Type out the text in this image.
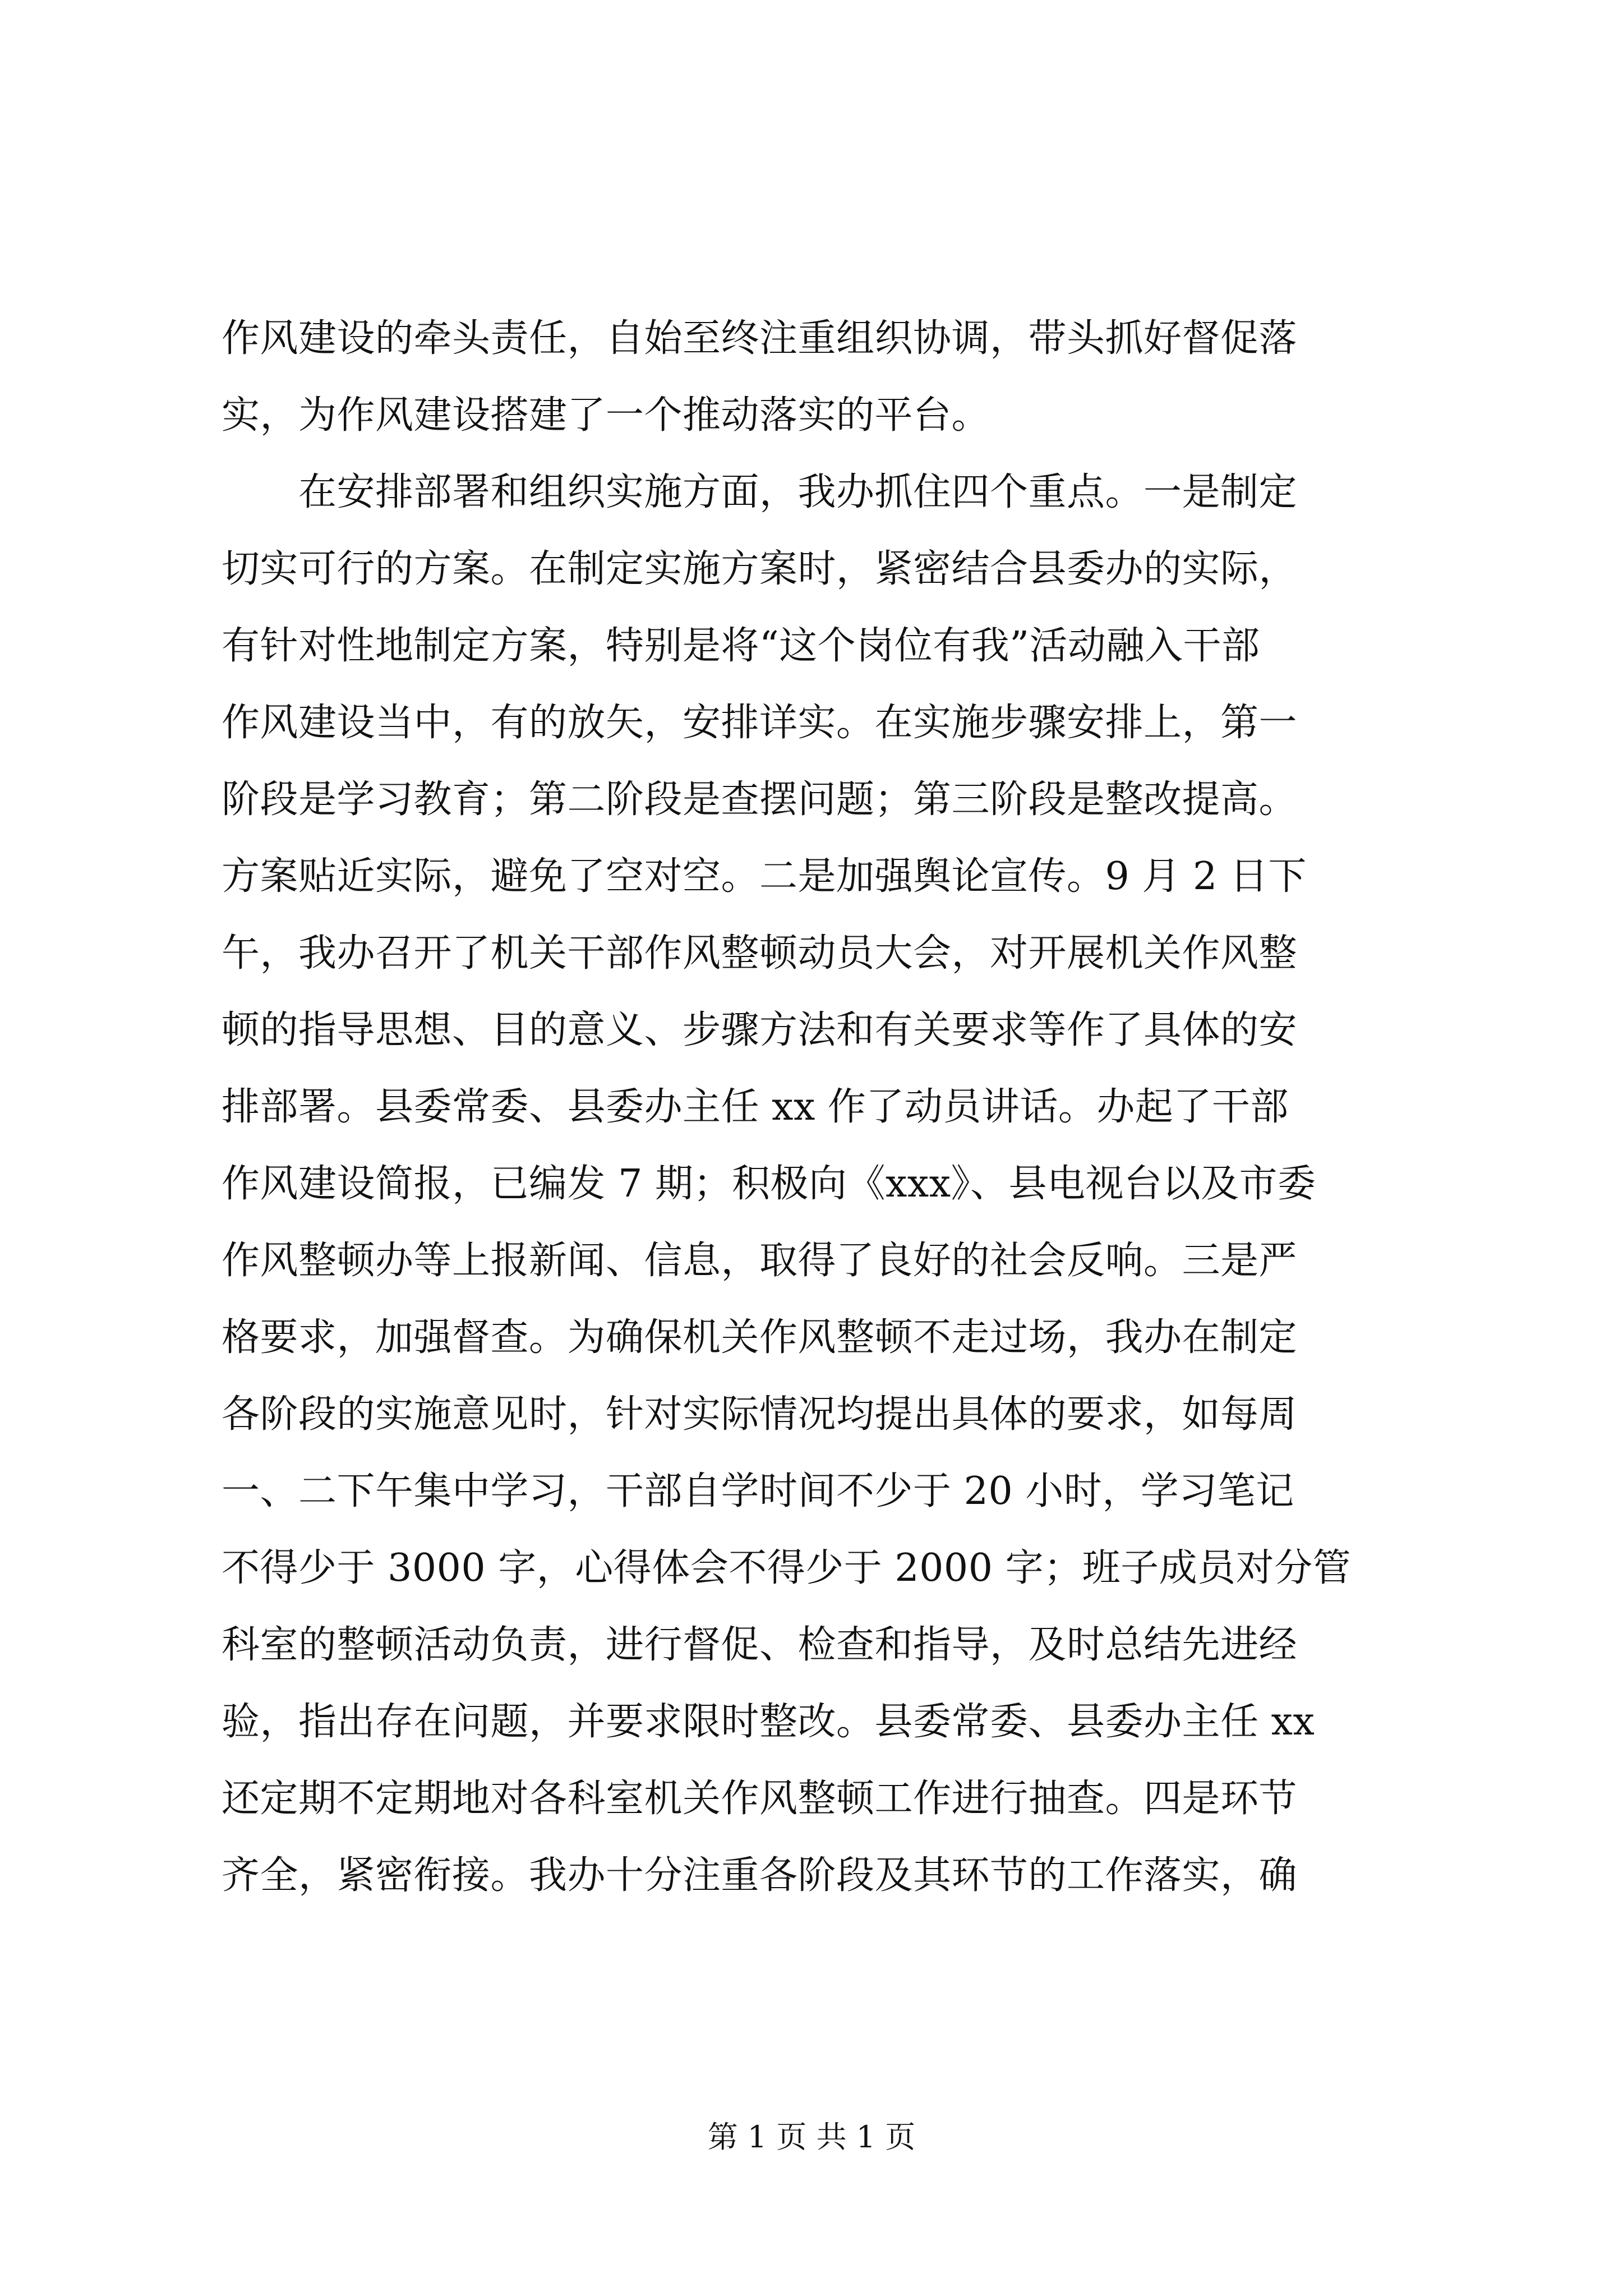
作风建设的牵头责任，自始至终注重组织协调，带头抓好督促落
实，为作风建设搭建了一个推动落实的平台。
在安排部署和组织实施方面，我办抓住四个重点。一是制定
切实可行的方案。在制定实施方案时，紧密结合县委办的实际，
有针对性地制定方案，特别是将“这个岗位有我”活动融入干部
作风建设当中，有的放矢，安排详实。在实施步骤安排上，第一
阶段是学习教育；第二阶段是查摆问题；第三阶段是整改提高。
方案贴近实际，避免了空对空。二是加强舆论宣传。9 月 2 日下
午，我办召开了机关干部作风整顿动员大会，对开展机关作风整
顿的指导思想、目的意义、步骤方法和有关要求等作了具体的安
排部署。县委常委、县委办主任 xx 作了动员讲话。办起了干部
作风建设简报，已编发 7 期；积极向《xxx》、县电视台以及市委
作风整顿办等上报新闻、信息，取得了良好的社会反响。三是严
格要求，加强督查。为确保机关作风整顿不走过场，我办在制定
各阶段的实施意见时，针对实际情况均提出具体的要求，如每周
一、二下午集中学习，干部自学时间不少于 20 小时，学习笔记
不得少于 3000 字，心得体会不得少于 2000 字；班子成员对分管
科室的整顿活动负责，进行督促、检查和指导，及时总结先进经
验，指出存在问题，并要求限时整改。县委常委、县委办主任 xx
还定期不定期地对各科室机关作风整顿工作进行抽查。四是环节
齐全，紧密衔接。我办十分注重各阶段及其环节的工作落实，确
第 1 页 共 1 页
